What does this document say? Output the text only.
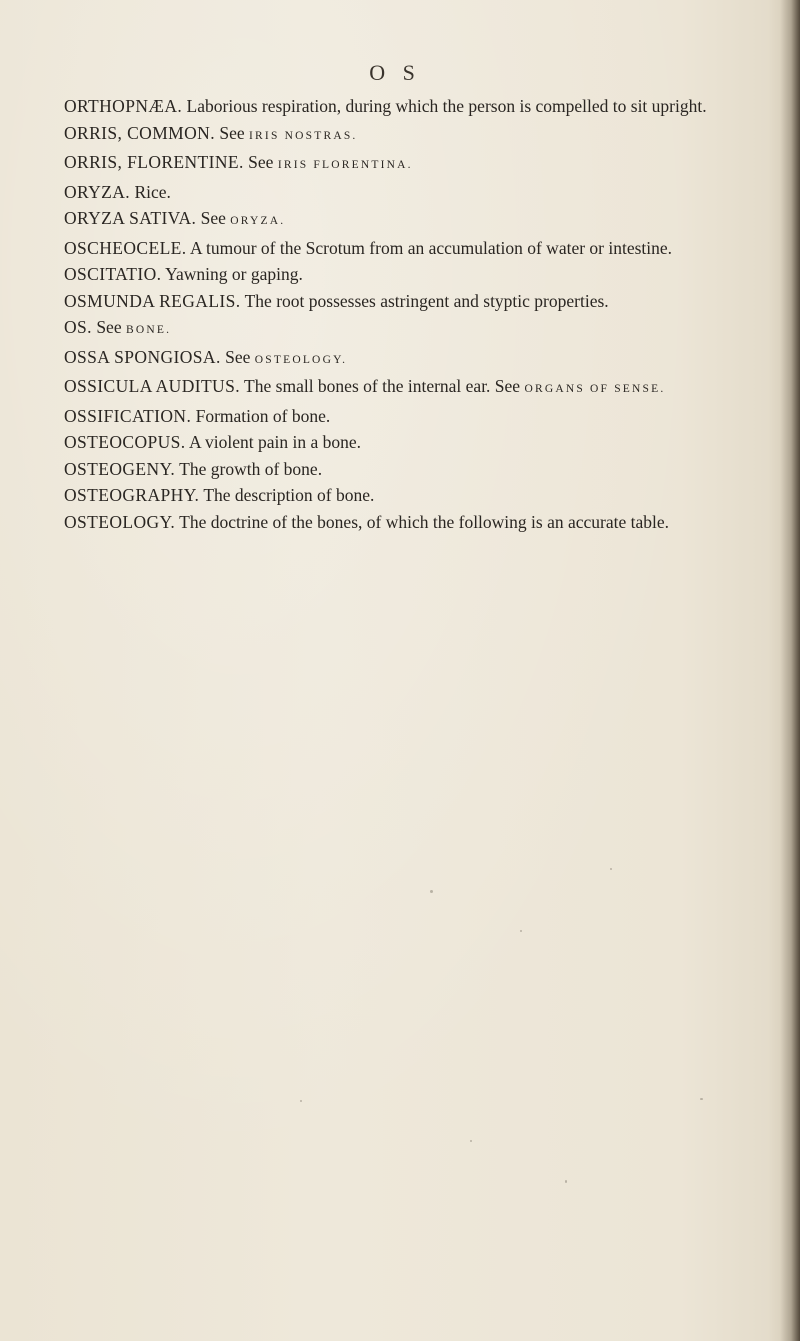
O S

ORTHOPNÆA. Laborious respiration, during which the person is compelled to sit upright.

ORRIS, COMMON. See IRIS NOSTRAS.

ORRIS, FLORENTINE. See IRIS FLORENTINA.

ORYZA. Rice.

ORYZA SATIVA. See ORYZA.

OSCHEOCELE. A tumour of the Scrotum from an accumulation of water or intestine.

OSCITATIO. Yawning or gaping.

OSMUNDA REGALIS. The root possesses astringent and styptic properties.

OS. See BONE.

OSSA SPONGIOSA. See OSTEOLOGY.

OSSICULA AUDITUS. The small bones of the internal ear. See ORGANS OF SENSE.

OSSIFICATION. Formation of bone.

OSTEOCOPUS. A violent pain in a bone.

OSTEOGENY. The growth of bone.

OSTEOGRAPHY. The description of bone.

OSTEOLOGY. The doctrine of the bones, of which the following is an accurate table.
